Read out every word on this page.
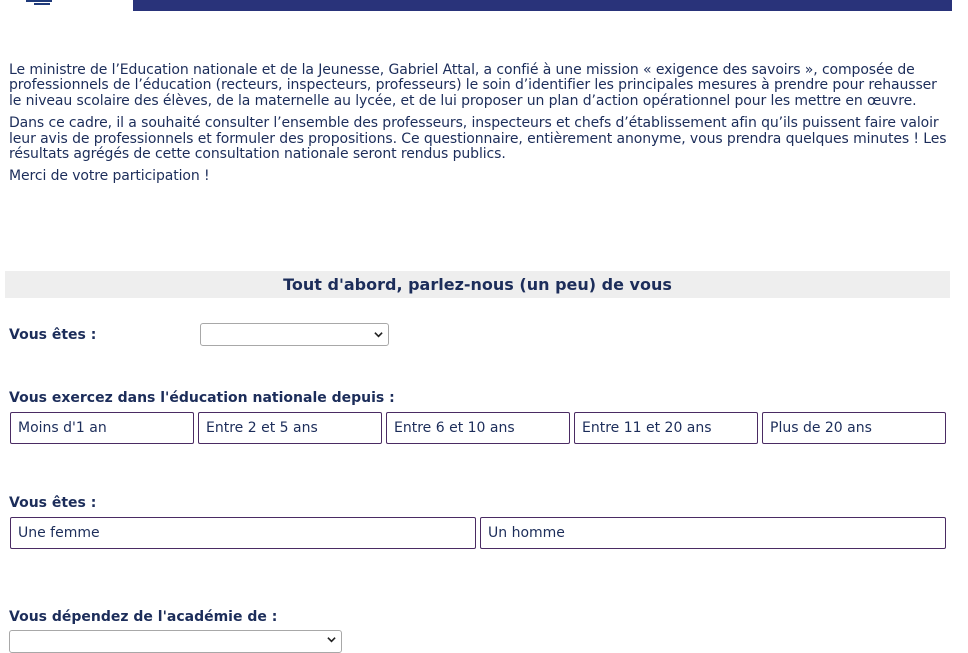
Le ministre de l’Education nationale et de la Jeunesse, Gabriel Attal, a confié à une mission « exigence des savoirs », composée de professionnels de l’éducation (recteurs, inspecteurs, professeurs) le soin d’identifier les principales mesures à prendre pour rehausser le niveau scolaire des élèves, de la maternelle au lycée, et de lui proposer un plan d’action opérationnel pour les mettre en œuvre.

Dans ce cadre, il a souhaité consulter l’ensemble des professeurs, inspecteurs et chefs d’établissement afin qu’ils puissent faire valoir leur avis de professionnels et formuler des propositions. Ce questionnaire, entièrement anonyme, vous prendra quelques minutes ! Les résultats agrégés de cette consultation nationale seront rendus publics.

Merci de votre participation !

Tout d'abord, parlez-nous (un peu) de vous
Vous êtes :
Vous exercez dans l'éducation nationale depuis :
Moins d'1 an	Entre 2 et 5 ans	Entre 6 et 10 ans	Entre 11 et 20 ans	Plus de 20 ans
Vous êtes :
Une femme	Un homme
Vous dépendez de l'académie de :
